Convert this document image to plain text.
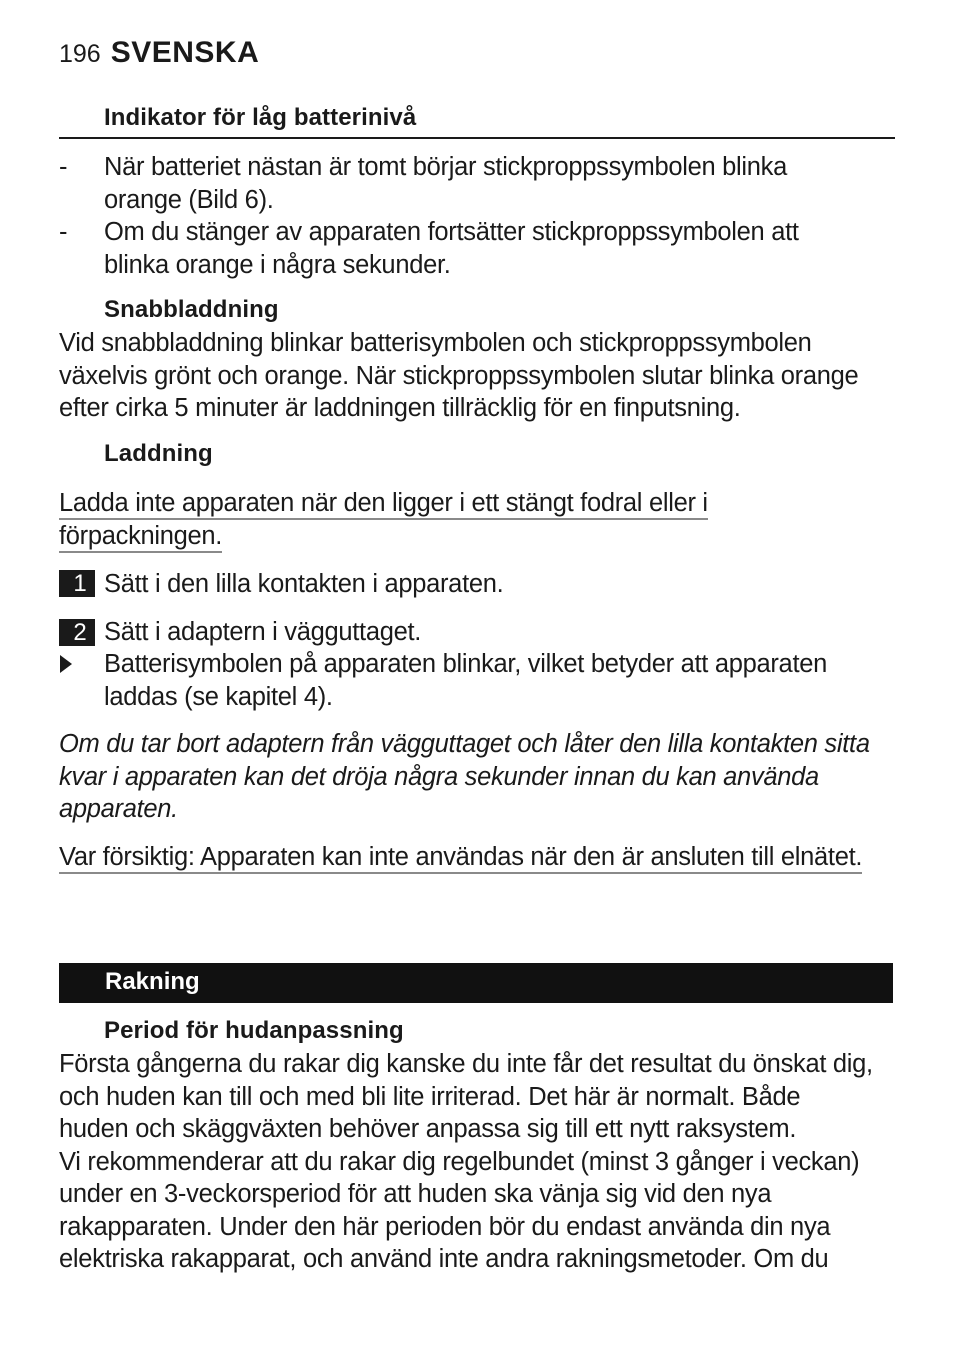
196 SVENSKA
Indikator för låg batterinivå
- När batteriet nästan är tomt börjar stickproppssymbolen blinka
orange (Bild 6).
- Om du stänger av apparaten fortsätter stickproppssymbolen att
blinka orange i några sekunder.
Snabbladdning
Vid snabbladdning blinkar batterisymbolen och stickproppssymbolen
växelvis grönt och orange. När stickproppssymbolen slutar blinka orange
efter cirka 5 minuter är laddningen tillräcklig för en finputsning.
Laddning
Ladda inte apparaten när den ligger i ett stängt fodral eller i
förpackningen.
1 Sätt i den lilla kontakten i apparaten.
2 Sätt i adaptern i vägguttaget.
Batterisymbolen på apparaten blinkar, vilket betyder att apparaten
laddas (se kapitel 4).
Om du tar bort adaptern från vägguttaget och låter den lilla kontakten sitta
kvar i apparaten kan det dröja några sekunder innan du kan använda
apparaten.
Var försiktig: Apparaten kan inte användas när den är ansluten till elnätet.
Rakning
Period för hudanpassning
Första gångerna du rakar dig kanske du inte får det resultat du önskat dig,
och huden kan till och med bli lite irriterad. Det här är normalt. Både
huden och skäggväxten behöver anpassa sig till ett nytt raksystem.
Vi rekommenderar att du rakar dig regelbundet (minst 3 gånger i veckan)
under en 3-veckorsperiod för att huden ska vänja sig vid den nya
rakapparaten. Under den här perioden bör du endast använda din nya
elektriska rakapparat, och använd inte andra rakningsmetoder. Om du
